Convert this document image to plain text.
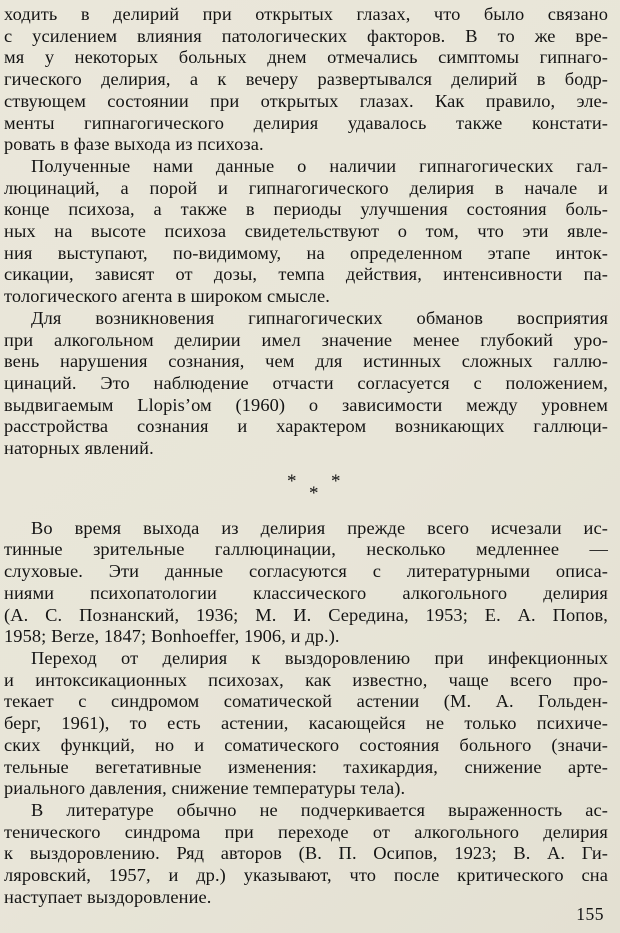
ходить в делирий при открытых глазах, что было связано
с усилением влияния патологических факторов. В то же вре-
мя у некоторых больных днем отмечались симптомы гипнаго-
гического делирия, а к вечеру развертывался делирий в бодр-
ствующем состоянии при открытых глазах. Как правило, эле-
менты гипнагогического делирия удавалось также констати-
ровать в фазе выхода из психоза.
Полученные нами данные о наличии гипнагогических гал-
люцинаций, а порой и гипнагогического делирия в начале и
конце психоза, а также в периоды улучшения состояния боль-
ных на высоте психоза свидетельствуют о том, что эти явле-
ния выступают, по-видимому, на определенном этапе инток-
сикации, зависят от дозы, темпа действия, интенсивности па-
тологического агента в широком смысле.
Для возникновения гипнагогических обманов восприятия
при алкогольном делирии имел значение менее глубокий уро-
вень нарушения сознания, чем для истинных сложных галлю-
цинаций. Это наблюдение отчасти согласуется с положением,
выдвигаемым Llopis’ом (1960) о зависимости между уровнем
расстройства сознания и характером возникающих галлюци-
наторных явлений.
* *
*
Во время выхода из делирия прежде всего исчезали ис-
тинные зрительные галлюцинации, несколько медленнее —
слуховые. Эти данные согласуются с литературными описа-
ниями психопатологии классического алкогольного делирия
(А. С. Познанский, 1936; М. И. Середина, 1953; Е. А. Попов,
1958; Berze, 1847; Bonhoeffer, 1906, и др.).
Переход от делирия к выздоровлению при инфекционных
и интоксикационных психозах, как известно, чаще всего про-
текает с синдромом соматической астении (М. А. Гольден-
берг, 1961), то есть астении, касающейся не только психиче-
ских функций, но и соматического состояния больного (значи-
тельные вегетативные изменения: тахикардия, снижение арте-
риального давления, снижение температуры тела).
В литературе обычно не подчеркивается выраженность ас-
тенического синдрома при переходе от алкогольного делирия
к выздоровлению. Ряд авторов (В. П. Осипов, 1923; В. А. Ги-
ляровский, 1957, и др.) указывают, что после критического сна
наступает выздоровление.
155
